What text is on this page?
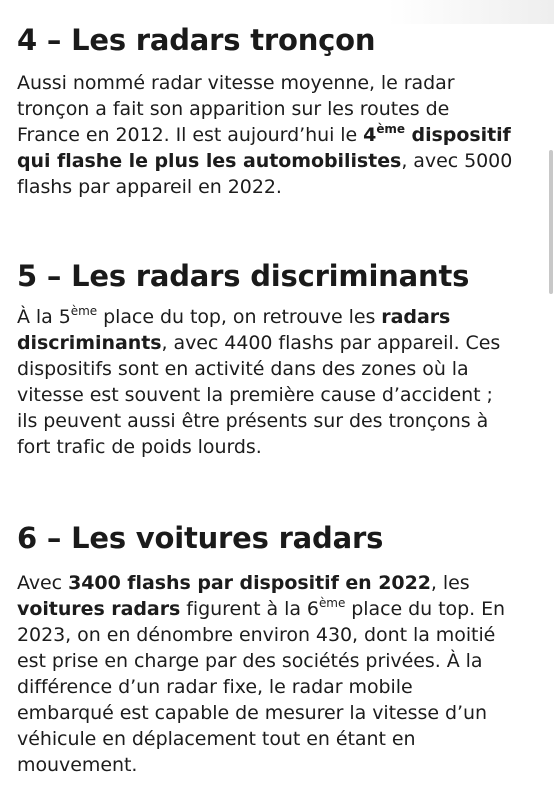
4 – Les radars tronçon

Aussi nommé radar vitesse moyenne, le radar
tronçon a fait son apparition sur les routes de
France en 2012. Il est aujourd’hui le 4ème dispositif
qui flashe le plus les automobilistes, avec 5000
flashs par appareil en 2022.

5 – Les radars discriminants

À la 5ème place du top, on retrouve les radars
discriminants, avec 4400 flashs par appareil. Ces
dispositifs sont en activité dans des zones où la
vitesse est souvent la première cause d’accident ;
ils peuvent aussi être présents sur des tronçons à
fort trafic de poids lourds.

6 – Les voitures radars

Avec 3400 flashs par dispositif en 2022, les
voitures radars figurent à la 6ème place du top. En
2023, on en dénombre environ 430, dont la moitié
est prise en charge par des sociétés privées. À la
différence d’un radar fixe, le radar mobile
embarqué est capable de mesurer la vitesse d’un
véhicule en déplacement tout en étant en
mouvement.
